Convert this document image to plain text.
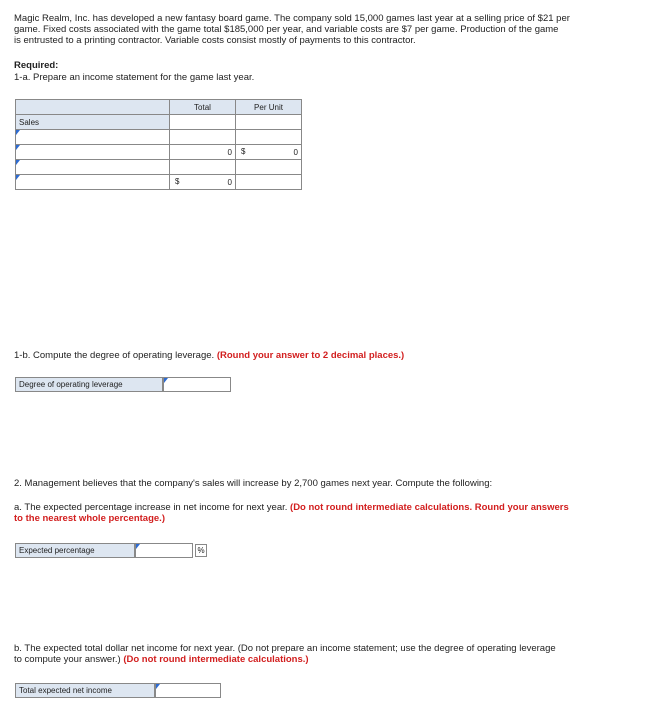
Magic Realm, Inc. has developed a new fantasy board game. The company sold 15,000 games last year at a selling price of $21 per
game. Fixed costs associated with the game total $185,000 per year, and variable costs are $7 per game. Production of the game
is entrusted to a printing contractor. Variable costs consist mostly of payments to this contractor.
Required:
1-a. Prepare an income statement for the game last year.
	Total	Per Unit
Sales		

	0	$ 0

	$ 0	
1-b. Compute the degree of operating leverage. (Round your answer to 2 decimal places.)
Degree of operating leverage
2. Management believes that the company's sales will increase by 2,700 games next year. Compute the following:
a. The expected percentage increase in net income for next year. (Do not round intermediate calculations. Round your answers
to the nearest whole percentage.)
Expected percentage	%
b. The expected total dollar net income for next year. (Do not prepare an income statement; use the degree of operating leverage
to compute your answer.) (Do not round intermediate calculations.)
Total expected net income
